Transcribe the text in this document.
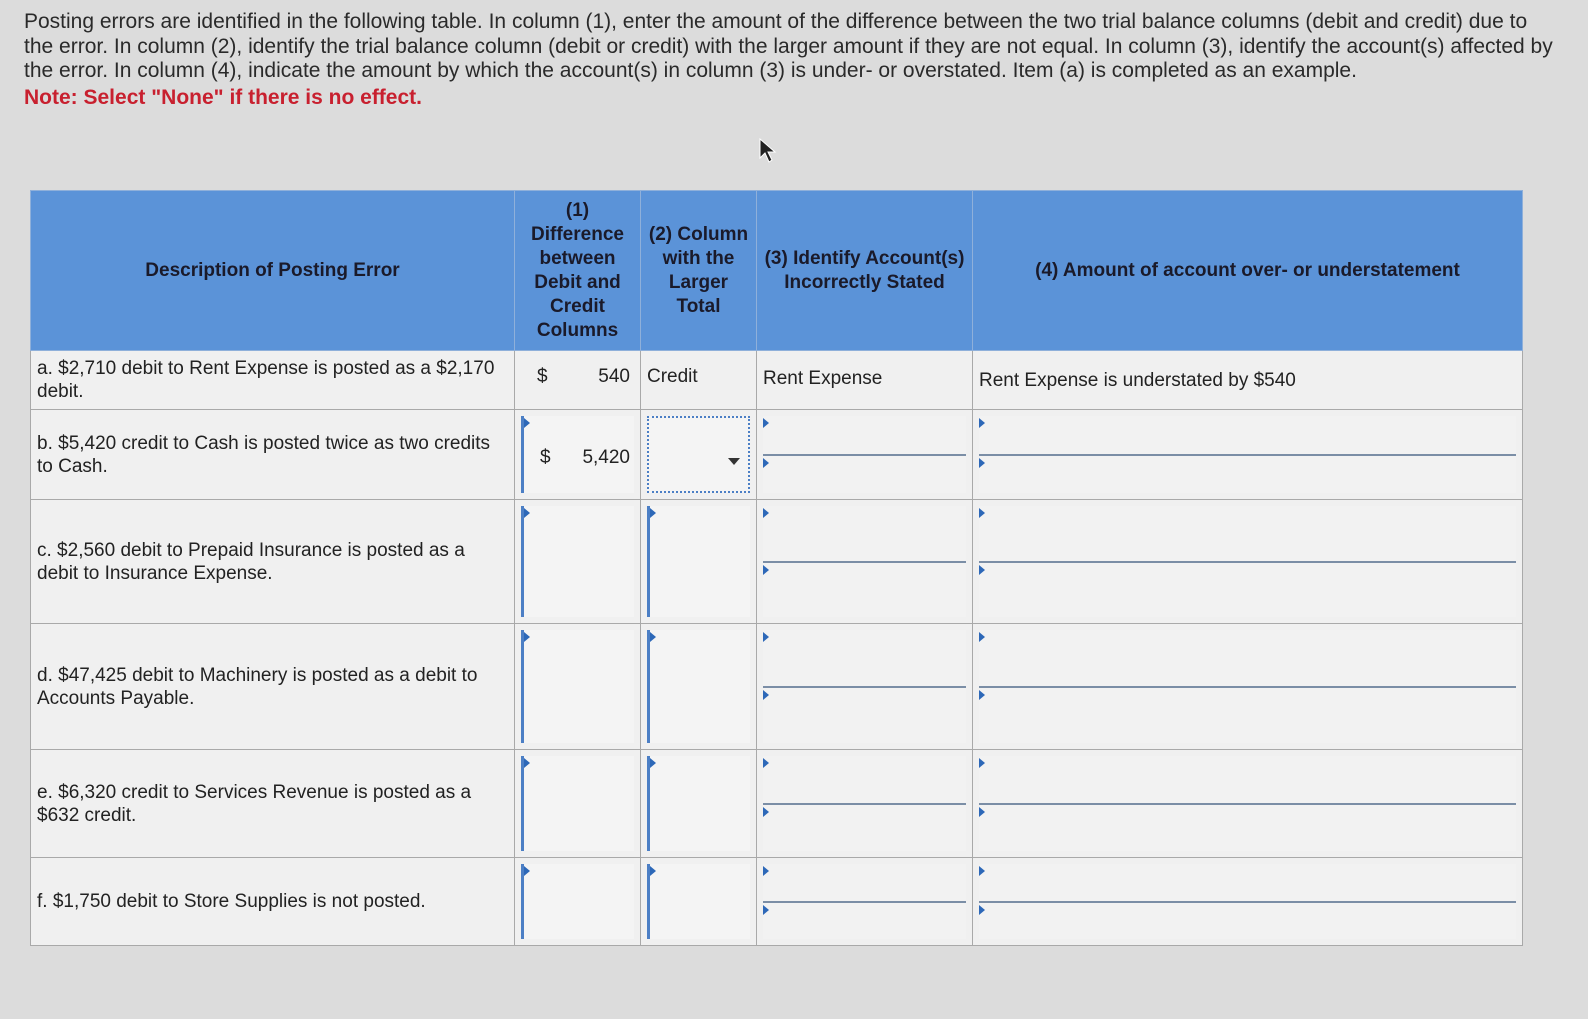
Posting errors are identified in the following table. In column (1), enter the amount of the difference between the two trial balance columns (debit and credit) due to the error. In column (2), identify the trial balance column (debit or credit) with the larger amount if they are not equal. In column (3), identify the account(s) affected by the error. In column (4), indicate the amount by which the account(s) in column (3) is under- or overstated. Item (a) is completed as an example.
Note: Select "None" if there is no effect.
Description of Posting Error	(1) Difference between Debit and Credit Columns	(2) Column with the Larger Total	(3) Identify Account(s) Incorrectly Stated	(4) Amount of account over- or understatement
a. $2,710 debit to Rent Expense is posted as a $2,170 debit.	$ 540	Credit	Rent Expense	Rent Expense is understated by $540
b. $5,420 credit to Cash is posted twice as two credits to Cash.	$ 5,420			

c. $2,560 debit to Prepaid Insurance is posted as a debit to Insurance Expense.	

d. $47,425 debit to Machinery is posted as a debit to Accounts Payable.	

e. $6,320 credit to Services Revenue is posted as a $632 credit.	

f. $1,750 debit to Store Supplies is not posted.	
